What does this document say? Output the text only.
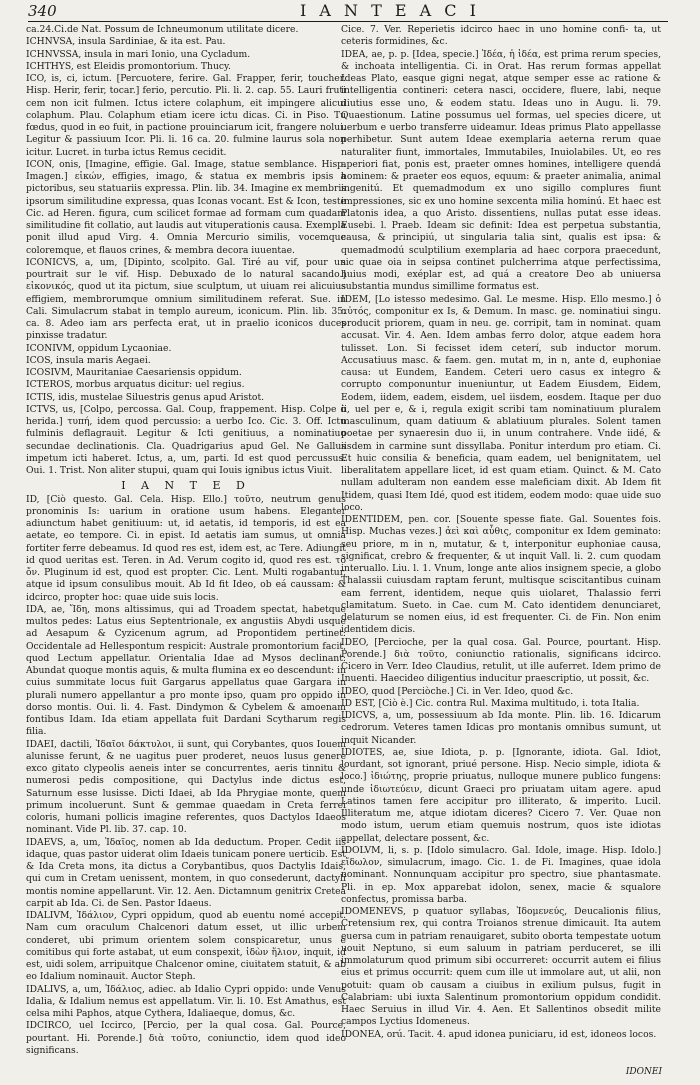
340	I A N T E A C I

ca.24.Ci.de Nat. Possum de Ichneumonum utilitate dicere.

ICHNVSA, insula Sardiniae, & ita est. Pau.

ICHNVSSA, insula in mari Ionio, una Cycladum.

ICHTHYS, est Eleidis promontorium. Thucy.

ICO, is, ci, ictum. [Percuotere, ferire. Gal. Frapper, ferir, toucher. Hisp. Herir, ferir, tocar.] ferio, percutio. Pli. li. 2. cap. 55. Lauri fruti cem non icit fulmen. Ictus ictere colaphum, eit impingere alicui colaphum. Plau. Colaphum etiam icere ictu dicas. Ci. in Piso. Tu fœdus, quod in eo fuit, in pactione prouinciarum icit, frangere nolui. Legitur & passiuum Icor. Pli. li. 16 ca. 20. fulmine laurus sola non icitur. Lucret. in turba ictus Remus cecidit.

ICON, onis, [Imagine, effigie. Gal. Image, statue semblance. Hisp. Imagen.] εἰκών, effigies, imago, & statua ex membris ipsis a pictoribus, seu statuariis expressa. Plin. lib. 34. Imagine ex membris ipsorum similitudine expressa, quas Iconas vocant. Est & Icon, teste Cic. ad Heren. figura, cum scilicet formae ad formam cum quadam similitudine fit collatio, aut laudis aut vituperationis causa. Exempla ponit illud apud Virg. 4. Omnia Mercurio similis, vocemque coloremque, et flauos crines, & membra decora iuuentae.

ICONICVS, a, um, [Dipinto, scolpito. Gal. Tiré au vif, pour un pourtrait sur le vif. Hisp. Debuxado de lo natural sacando.] εἰκονικός, quod ut ita pictum, siue sculptum, ut uiuam rei alicuius effigiem, membrorumque omnium similitudinem referat. Sue. in Cali. Simulacrum stabat in templo aureum, iconicum. Plin. lib. 35. ca. 8. Adeo iam ars perfecta erat, ut in praelio iconicos duces pinxisse tradatur.

ICONIVM, oppidum Lycaoniae.

ICOS, insula maris Aegaei.

ICOSIVM, Mauritaniae Caesariensis oppidum.

ICTEROS, morbus arquatus dicitur: uel regius.

ICTIS, idis, mustelae Siluestris genus apud Aristot.

ICTVS, us, [Colpo, percossa. Gal. Coup, frappement. Hisp. Colpe ò herida.] τυπή, idem quod percussio: a uerbo Ico. Cic. 3. Off. Ictu fulminis deflagrauit. Legitur & Icti genitiuus, a nominatiuo secundae declinationis. Cla. Quadrigarius apud Gel. Ne Gallus impetum icti haberet. Ictus, a, um, parti. Id est quod percussus. Oui. 1. Trist. Non aliter stupui, quam qui Iouis ignibus ictus Viuit.

I A N T E D

ID, [Ciò questo. Gal. Cela. Hisp. Ello.] τοῦτο, neutrum genus pronominis Is: uarium in oratione usum habens. Eleganter adiunctum habet genitiuum: ut, id aetatis, id temporis, id est ea aetate, eo tempore. Ci. in epist. Id aetatis iam sumus, ut omnia fortiter ferre debeamus. Id quod res est, idem est, ac Tere. Adiungit id quod ueritas est. Teren. in Ad. Verum cogito id, quod res est. τὸ ὄν. Pluginum id est, quod est propter. Cic. Lent. Multi rogabantur, atque id ipsum consulibus mouit. Ab Id fit Ideo, ob eá caussam: & idcirco, propter hoc: quae uide suis locis.

IDA, ae, Ἴδη, mons altissimus, qui ad Troadem spectat, habetque multos pedes: Latus eius Septentrionale, ex angustiis Abydi usque ad Aesapum & Cyzicenum agrum, ad Propontidem pertinet: Occidentale ad Hellespontum respicit: Australe promontorium facit, quod Lectum appellatur. Orientalia Idae ad Mysos declinant: Abundat quoque montis aquis, & multa flumina ex eo descendunt: in cuius summitate locus fuit Gargarus appellatus quae Gargara in plurali numero appellantur a pro monte ipso, quam pro oppido in dorso montis. Oui. li. 4. Fast. Dindymon & Cybelem & amoenam fontibus Idam. Ida etiam appellata fuit Dardani Scytharum regis filia.

IDAEI, dactili, Ἰδαῖοι δάκτυλοι, ii sunt, qui Corybantes, quos Iouem alunisse ferunt, & ne uagitus puer proderet, neuos lusus genere exco gitato clypeolis aeneis inter se concurrentes, aeris tinnitu & numerosi pedis compositione, qui Dactylus inde dictus est, Saturnum esse lusisse. Dicti Idaei, ab Ida Phrygiae monte, quem primum incoluerunt. Sunt & gemmae quaedam in Creta ferrei coloris, humani pollicis imagine referentes, quos Dactylos Idaeos nominant. Vide Pl. lib. 37. cap. 10.

IDAEVS, a, um, Ἰδαῖος, nomen ab Ida deductum. Proper. Cedit iis idaque, quas pastor uiderat olim Idaeis tunicam ponere uerticib. Est & Ida Creta mons, ita dictus a Corybantibus, quos Dactylis Idais, qui cum in Cretam uenissent, montem, in quo consederunt, dactyli montis nomine appellarunt. Vir. 12. Aen. Dictamnum genitrix Cretea carpit ab Ida. Ci. de Sen. Pastor Idaeus.

IDALIVM, Ἰδάλιον, Cypri oppidum, quod ab euentu nomé accepit. Nam cum oraculum Chalcenori datum esset, ut illic urbem conderet, ubi primum orientem solem conspicaretur, unus e comitibus qui forte astabat, ut eum conspexit, ἰδὼν ἥλιον, inquit, id est, uidi solem, arripuitque Chalcenor omine, ciuitatem statuit, & ab eo Idalium nominauit. Auctor Steph.

IDALIVS, a, um, Ἰδάλιος, adiec. ab Idalio Cypri oppido: unde Venus Idalia, & Idalium nemus est appellatum. Vir. li. 10. Est Amathus, est celsa mihi Paphos, atque Cythera, Idaliaeque, domus, &c.

IDCIRCO, uel Iccirco, [Percio, per la qual cosa. Gal. Pource, pourtant. Hi. Porende.] διὰ τοῦτο, coniunctio, idem quod ideo significans.

Cice. 7. Ver. Reperietis idcirco haec in uno homine confi- ta, ut ceteris formidines, &c.

IDEA, ae, p. p. [Idea, specie.] Ἰδέα, ἡ ἰδέα, est prima rerum species, & inchoata intelligentia. Ci. in Orat. Has rerum formas appellat Ideas Plato, easque gigni negat, atque semper esse ac ratione & intelligentia contineri: cetera nasci, occidere, fluere, labi, neque diutius esse uno, & eodem statu. Ideas uno in Augu. li. 79. Quaestionum. Latine possumus uel formas, uel species dicere, ut uerbum e uerbo transferre uideamur. Ideas primus Plato appellasse perhibetur. Sunt autem Ideae exemplaria aeterna rerum quae naturaliter fiunt, immortales, Immutabiles, Inuiolabiles. Ut, eo res aperiori fiat, ponis est, praeter omnes homines, intelligere quendá hominem: & praeter eos equos, equum: & praeter animalia, animal ingenitú. Et quemadmodum ex uno sigillo complures fiunt impressiones, sic ex uno homine sexcenta milia hominú. Et haec est Platonis idea, a quo Aristo. dissentiens, nullas putat esse ideas. Eusebi. l. Praeb. Ideam sic definit: Idea est perpetua substantia, causa, & principiú, ut singularia talia sint, qualis est ipsa: & quemadmodú sculptilium exemplaria ad haec corpora praecedunt, sic quae oia in seipsa continet pulcherrima atque perfectissima, huius modi, exéplar est, ad quá a creatore Deo ab uniuersa substantia mundus simillime formatus est.

IDEM, [Lo istesso medesimo. Gal. Le mesme. Hisp. Ello mesmo.] ὁ αὐτός, componitur ex Is, & Demum. In masc. ge. nominatiui singu. producit priorem, quam in neu. ge. corripit, tam in nominat. quam accusat. Vir. 4. Aen. Idem ambas ferro dolor, atque eadem hora tulisset. Lon. Si fecisset idem ceterí, sub inductor morum. Accusatiuus masc. & faem. gen. mutat m, in n, ante d, euphoniae causa: ut Eundem, Eandem. Ceteri uero casus ex integro & corrupto componuntur inueniuntur, ut Eadem Eiusdem, Eidem, Eodem, iidem, eadem, eisdem, uel iisdem, eosdem. Itaque per duo ii, uel per e, & i, regula exigit scribi tam nominatiuum pluralem masculinum, quam datiuum & ablatiuum plurales. Solent tamen poetae per synaeresin duo ii, in unum contrahere. Vnde iidé, & iisdem in carmine sunt dissyllaba. Ponitur interdum pro etiam. Ci. Et huic consilia & beneficia, quam eadem, uel benignitatem, uel liberalitatem appellare licet, id est quam etiam. Quinct. & M. Cato nullam adulteram non eandem esse maleficiam dixit. Ab Idem fit Itidem, quasi Item Idé, quod est itidem, eodem modo: quae uide suo loco.

IDENTIDEM, pen. cor. [Souente spesse fiate. Gal. Souentes fois. Hisp. Muchas vezes.] ἀεὶ καὶ αὖθις, componitur ex Idem geminato: seu priore, m in n, mutatur, & t, interponitur euphoniae causa, significat, crebro & frequenter, & ut inquit Vall. li. 2. cum quodam interuallo. Liu. l. 1. Vnum, longe ante alios insignem specie, a globo Thalassii cuiusdam raptam ferunt, multisque sciscitantibus cuinam eam ferrent, identidem, neque quis uiolaret, Thalassio ferri clamitatum. Sueto. in Cae. cum M. Cato identidem denunciaret, delaturum se nomen eius, id est frequenter. Ci. de Fin. Non enim identidem dicis.

IDEO, [Percioche, per la qual cosa. Gal. Pource, pourtant. Hisp. Porende.] διὰ τοῦτο, coniunctio rationalis, significans idcirco. Cicero in Verr. Ideo Claudius, retulit, ut ille auferret. Idem primo de Inuenti. Haecideo diligentius inducitur praescriptio, ut possit, &c.

IDEO, quod [Perciòche.] Ci. in Ver. Ideo, quod &c.

ID EST, [Ciò è.] Cic. contra Rul. Maxima multitudo, i. tota Italia.

IDICVS, a, um, possessiuum ab Ida monte. Plin. lib. 16. Idicarum cedrorum. Veteres tamen Idicas pro montanis omnibus sumunt, ut inquit Nicander.

IDIOTES, ae, siue Idiota, p. p. [Ignorante, idiota. Gal. Idiot, lourdant, sot ignorant, priué persone. Hisp. Necio simple, idiota & loco.] ἰδιώτης, proprie priuatus, nulloque munere publico fungens: unde ἰδιωτεύειν, dicunt Graeci pro priuatam uitam agere. apud Latinos tamen fere accipitur pro illiterato, & imperito. Lucil. Illiteratum me, atque idiotam diceres? Cicero 7. Ver. Quae non modo istum, uerum etiam quemuis nostrum, quos iste idiotas appellat, delectare possent, &c.

IDOLVM, li, s. p. [Idolo simulacro. Gal. Idole, image. Hisp. Idolo.] εἴδωλον, simulacrum, imago. Cic. 1. de Fi. Imagines, quae idola nominant. Nonnunquam accipitur pro spectro, siue phantasmate. Pli. in ep. Mox apparebat idolon, senex, macie & squalore confectus, promissa barba.

IDOMENEVS, p quatuor syllabas, Ἰδομενεύς, Deucalionis filius, Cretensium rex, qui contra Troianos strenue dimicauit. Ita autem euersa cum in patriam renauigaret, subito oborta tempestate uotum uouit Neptuno, si eum saluum in patriam perduceret, se illi immolaturum quod primum sibi occurreret: occurrit autem ei filius eius et primus occurrit: quem cum ille ut immolare aut, ut alii, non potuit: quam ob causam a ciuibus in exilium pulsus, fugit in Calabriam: ubi iuxta Salentinum promontorium oppidum condidit. Haec Seruius in illud Vir. 4. Aen. Et Sallentinos obsedit milite campos Lyctius Idomeneus.

IDONEA, orú. Tacit. 4. apud idonea puniciaru, id est, idoneos locos.

IDONEI
